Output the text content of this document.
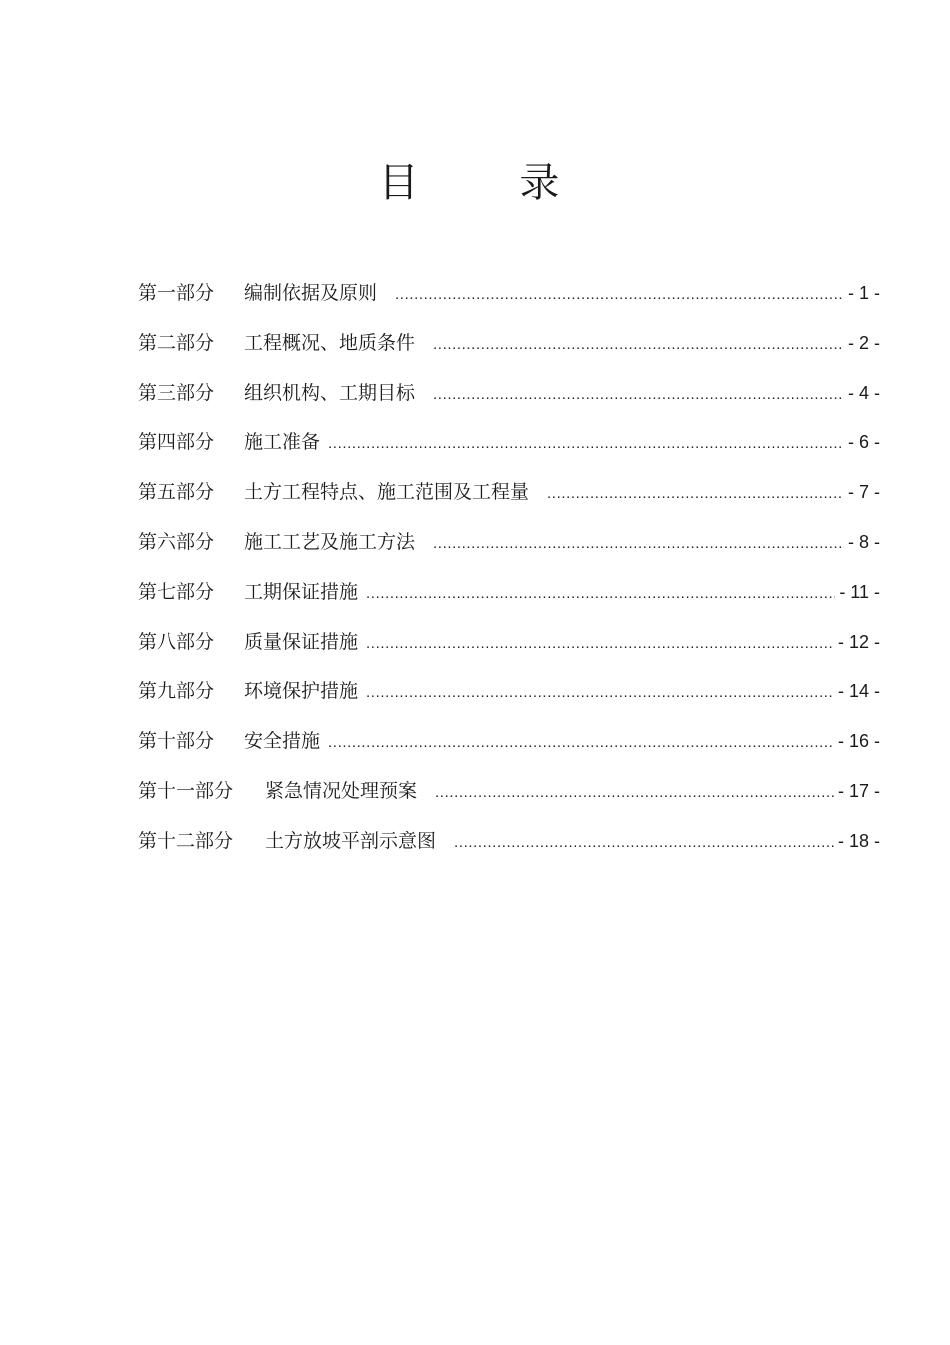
目 录
第一部分 编制依据及原则 .....	- 1 -
第二部分 工程概况、地质条件 .....	- 2 -
第三部分 组织机构、工期目标 .....	- 4 -
第四部分 施工准备 .....	- 6 -
第五部分 土方工程特点、施工范围及工程量 .....	- 7 -
第六部分 施工工艺及施工方法 .....	- 8 -
第七部分 工期保证措施 .....	- 11 -
第八部分 质量保证措施 .....	- 12 -
第九部分 环境保护措施 .....	- 14 -
第十部分 安全措施 .....	- 16 -
第十一部分 紧急情况处理预案 .....	- 17 -
第十二部分 土方放坡平剖示意图 .....	- 18 -
